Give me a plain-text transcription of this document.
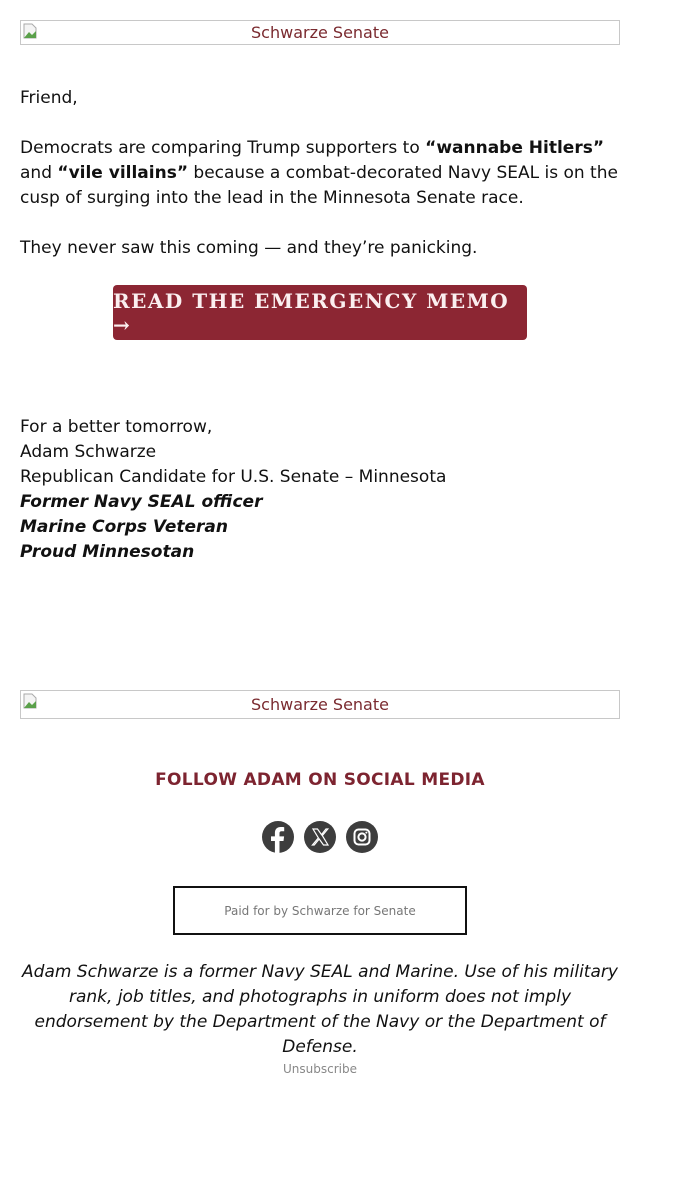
Schwarze Senate
Friend,
Democrats are comparing Trump supporters to “wannabe Hitlers” and “vile villains” because a combat-decorated Navy SEAL is on the cusp of surging into the lead in the Minnesota Senate race.
They never saw this coming — and they’re panicking.
READ THE EMERGENCY MEMO →
For a better tomorrow,
Adam Schwarze
Republican Candidate for U.S. Senate – Minnesota
Former Navy SEAL officer
Marine Corps Veteran
Proud Minnesotan
Schwarze Senate
FOLLOW ADAM ON SOCIAL MEDIA
Paid for by Schwarze for Senate
Adam Schwarze is a former Navy SEAL and Marine. Use of his military rank, job titles, and photographs in uniform does not imply endorsement by the Department of the Navy or the Department of Defense.
Unsubscribe
